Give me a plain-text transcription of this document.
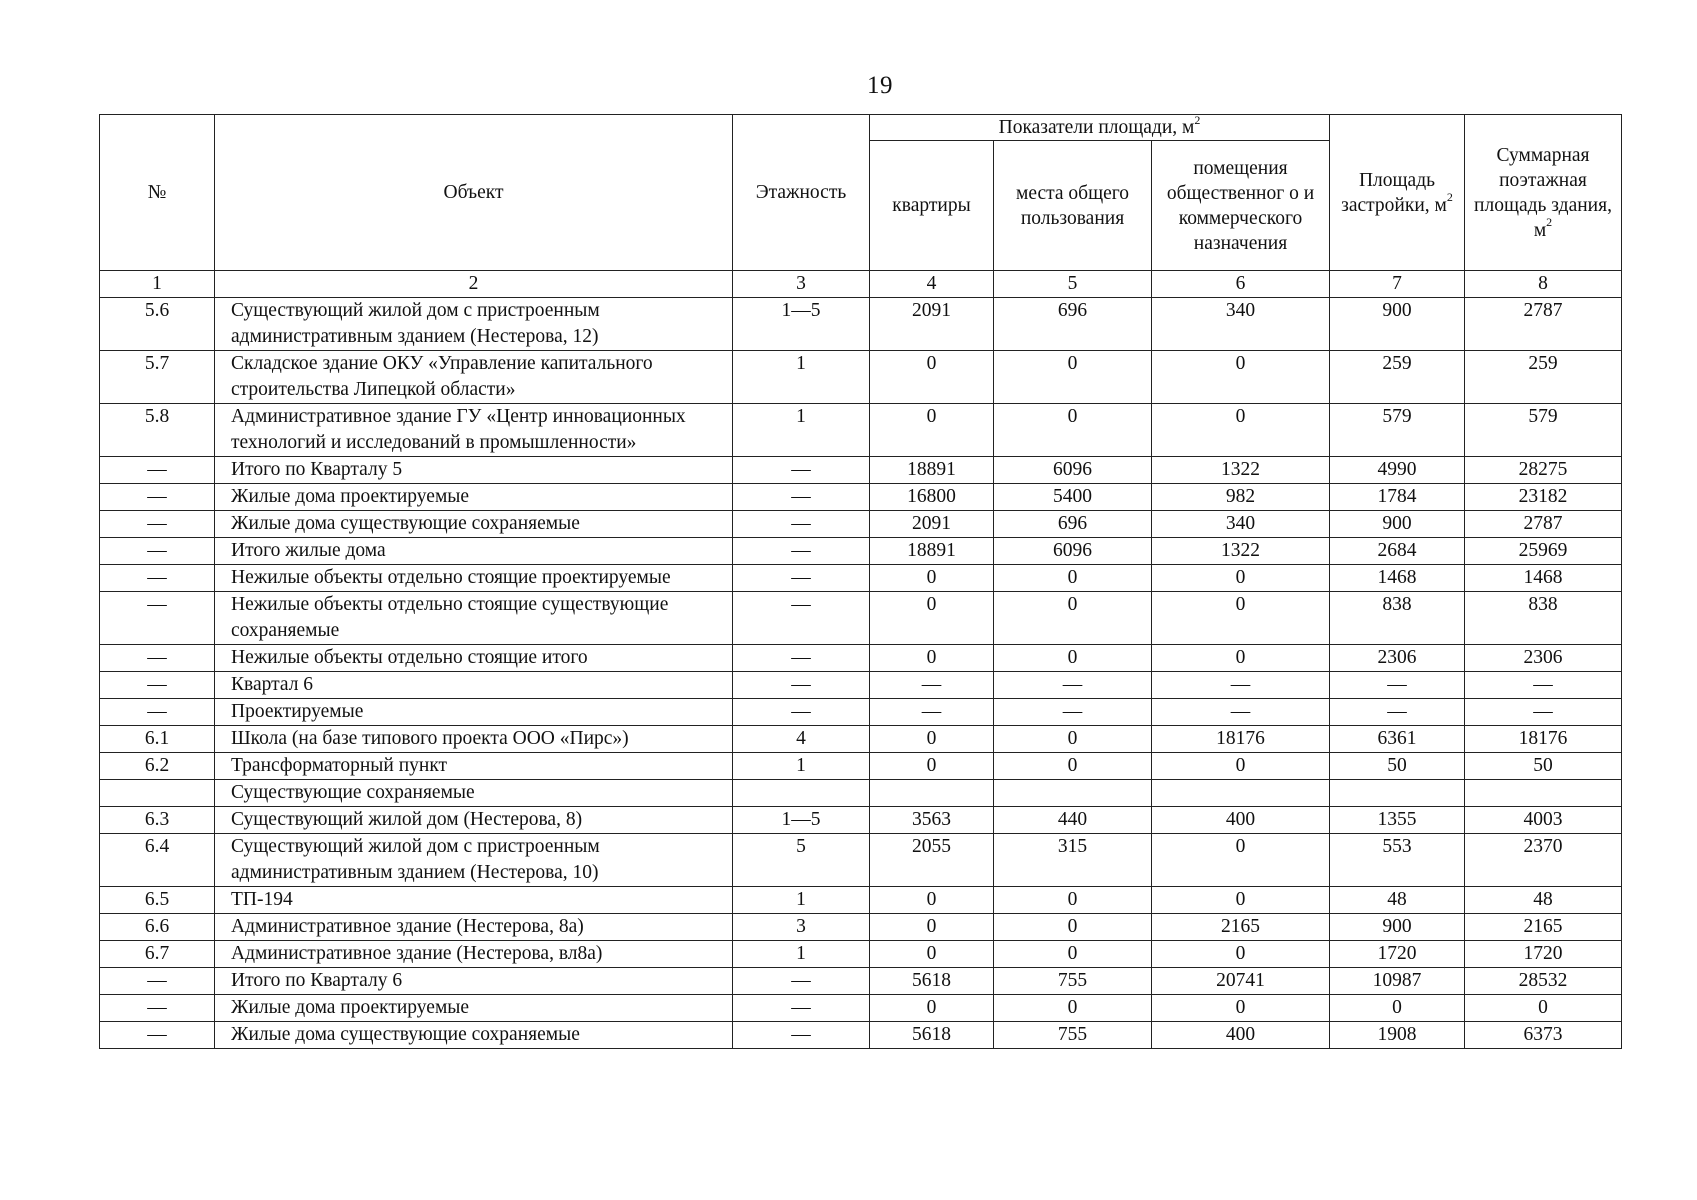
19
№	Объект	Этажность	Показатели площади, $м^2$			Площадь застройки, $м^2$	Суммарная поэтажная площадь здания, $м^2$
			квартиры	места общего пользования	помещения общественног о и коммерческого назначения		
1	2	3	4	5	6	7	8
5.6	Существующий жилой дом с пристроенным административным зданием (Нестерова, 12)	1—5	2091	696	340	900	2787
5.7	Складское здание ОКУ «Управление капитального строительства Липецкой области»	1	0	0	0	259	259
5.8	Административное здание ГУ «Центр инновационных технологий и исследований в промышленности»	1	0	0	0	579	579
—	Итого по Кварталу 5	—	18891	6096	1322	4990	28275
—	Жилые дома проектируемые	—	16800	5400	982	1784	23182
—	Жилые дома существующие сохраняемые	—	2091	696	340	900	2787
—	Итого жилые дома	—	18891	6096	1322	2684	25969
—	Нежилые объекты отдельно стоящие проектируемые	—	0	0	0	1468	1468
—	Нежилые объекты отдельно стоящие существующие сохраняемые	—	0	0	0	838	838
—	Нежилые объекты отдельно стоящие итого	—	0	0	0	2306	2306
—	Квартал 6	—	—	—	—	—	—
—	Проектируемые	—	—	—	—	—	—
6.1	Школа (на базе типового проекта ООО «Пирс»)	4	0	0	18176	6361	18176
6.2	Трансформаторный пункт	1	0	0	0	50	50
	Существующие сохраняемые						
6.3	Существующий жилой дом (Нестерова, 8)	1—5	3563	440	400	1355	4003
6.4	Существующий жилой дом с пристроенным административным зданием (Нестерова, 10)	5	2055	315	0	553	2370
6.5	ТП-194	1	0	0	0	48	48
6.6	Административное здание (Нестерова, 8а)	3	0	0	2165	900	2165
6.7	Административное здание (Нестерова, вл8а)	1	0	0	0	1720	1720
—	Итого по Кварталу 6	—	5618	755	20741	10987	28532
—	Жилые дома проектируемые	—	0	0	0	0	0
—	Жилые дома существующие сохраняемые	—	5618	755	400	1908	6373
